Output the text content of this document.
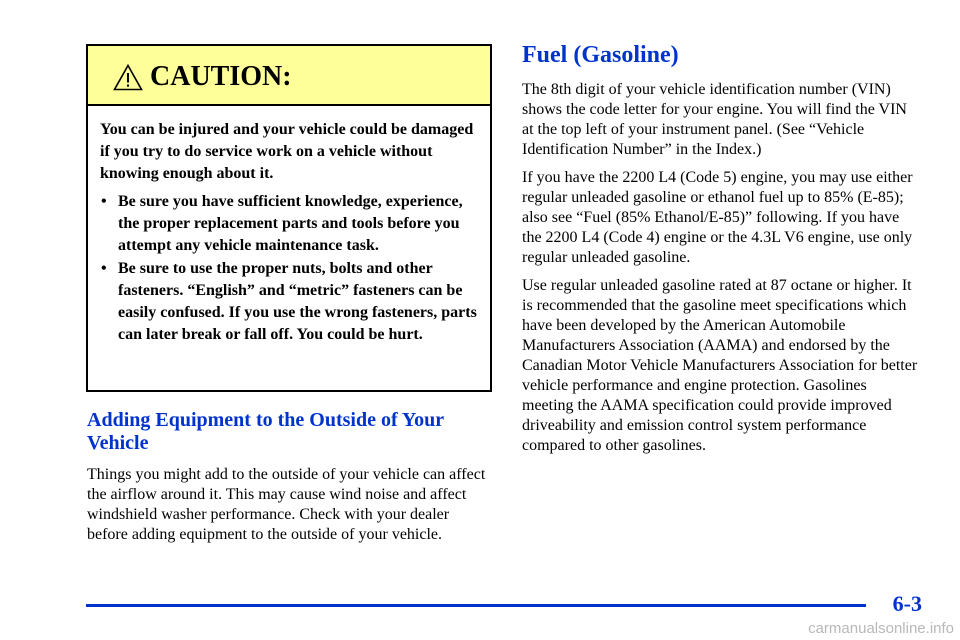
CAUTION:

You can be injured and your vehicle could be damaged if you try to do service work on a vehicle without knowing enough about it.

• Be sure you have sufficient knowledge, experience, the proper replacement parts and tools before you attempt any vehicle maintenance task.
• Be sure to use the proper nuts, bolts and other fasteners. “English” and “metric” fasteners can be easily confused. If you use the wrong fasteners, parts can later break or fall off. You could be hurt.
Adding Equipment to the Outside of Your Vehicle

Things you might add to the outside of your vehicle can affect the airflow around it. This may cause wind noise and affect windshield washer performance. Check with your dealer before adding equipment to the outside of your vehicle.

Fuel (Gasoline)

The 8th digit of your vehicle identification number (VIN) shows the code letter for your engine. You will find the VIN at the top left of your instrument panel. (See “Vehicle Identification Number” in the Index.)

If you have the 2200 L4 (Code 5) engine, you may use either regular unleaded gasoline or ethanol fuel up to 85% (E-85); also see “Fuel (85% Ethanol/E-85)” following. If you have the 2200 L4 (Code 4) engine or the 4.3L V6 engine, use only regular unleaded gasoline.

Use regular unleaded gasoline rated at 87 octane or higher. It is recommended that the gasoline meet specifications which have been developed by the American Automobile Manufacturers Association (AAMA) and endorsed by the Canadian Motor Vehicle Manufacturers Association for better vehicle performance and engine protection. Gasolines meeting the AAMA specification could provide improved driveability and emission control system performance compared to other gasolines.

6-3
carmanualsonline.info
